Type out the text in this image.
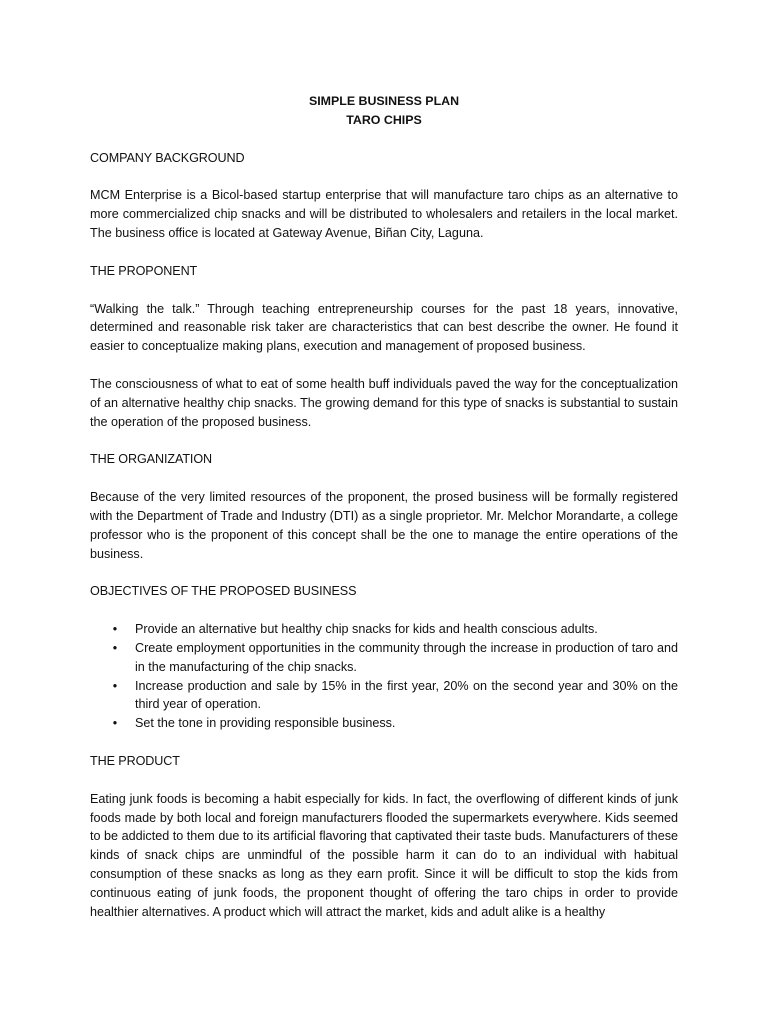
SIMPLE BUSINESS PLAN

TARO CHIPS

COMPANY BACKGROUND

MCM Enterprise is a Bicol-based startup enterprise that will manufacture taro chips as an alternative to more commercialized chip snacks and will be distributed to wholesalers and retailers in the local market. The business office is located at Gateway Avenue, Biñan City, Laguna.

THE PROPONENT

“Walking the talk.” Through teaching entrepreneurship courses for the past 18 years, innovative, determined and reasonable risk taker are characteristics that can best describe the owner. He found it easier to conceptualize making plans, execution and management of proposed business.

The consciousness of what to eat of some health buff individuals paved the way for the conceptualization of an alternative healthy chip snacks. The growing demand for this type of snacks is substantial to sustain the operation of the proposed business.

THE ORGANIZATION

Because of the very limited resources of the proponent, the prosed business will be formally registered with the Department of Trade and Industry (DTI) as a single proprietor. Mr. Melchor Morandarte, a college professor who is the proponent of this concept shall be the one to manage the entire operations of the business.

OBJECTIVES OF THE PROPOSED BUSINESS

• Provide an alternative but healthy chip snacks for kids and health conscious adults.
• Create employment opportunities in the community through the increase in production of taro and in the manufacturing of the chip snacks.
• Increase production and sale by 15% in the first year, 20% on the second year and 30% on the third year of operation.
• Set the tone in providing responsible business.

THE PRODUCT

Eating junk foods is becoming a habit especially for kids. In fact, the overflowing of different kinds of junk foods made by both local and foreign manufacturers flooded the supermarkets everywhere. Kids seemed to be addicted to them due to its artificial flavoring that captivated their taste buds. Manufacturers of these kinds of snack chips are unmindful of the possible harm it can do to an individual with habitual consumption of these snacks as long as they earn profit. Since it will be difficult to stop the kids from continuous eating of junk foods, the proponent thought of offering the taro chips in order to provide healthier alternatives. A product which will attract the market, kids and adult alike is a healthy
